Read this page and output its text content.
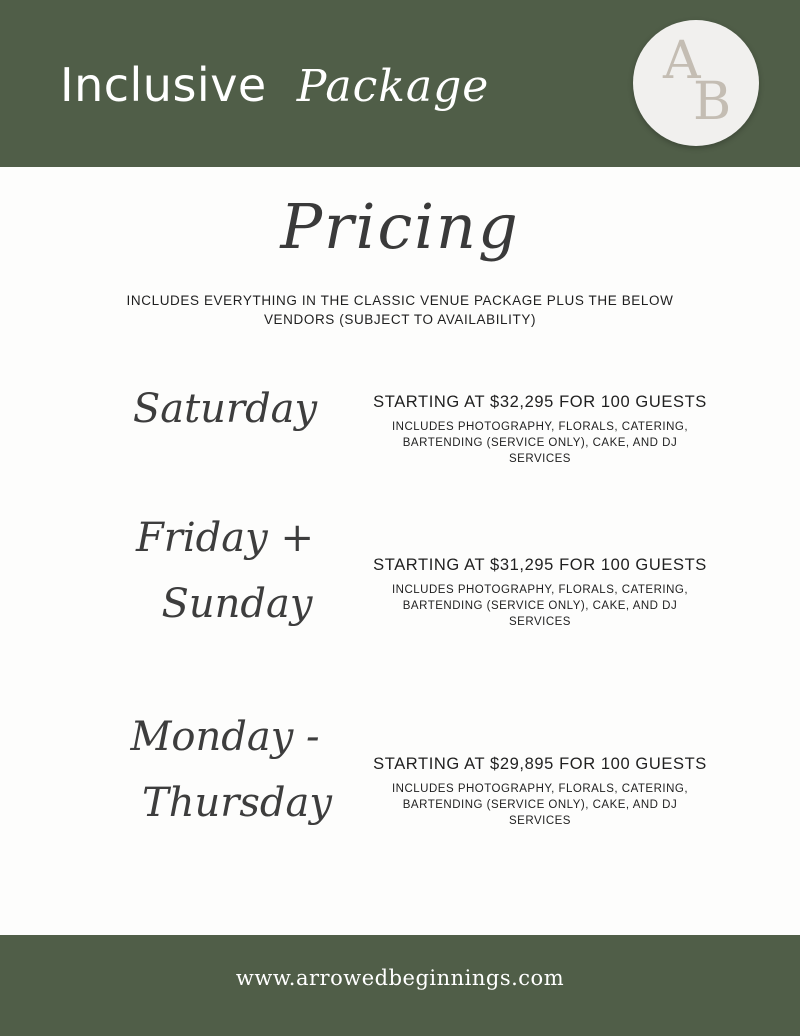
Inclusive Package	A
B
Pricing
INCLUDES EVERYTHING IN THE CLASSIC VENUE PACKAGE PLUS THE BELOW VENDORS (SUBJECT TO AVAILABILITY)
Saturday	STARTING AT $32,295 FOR 100 GUESTS
INCLUDES PHOTOGRAPHY, FLORALS, CATERING, BARTENDING (SERVICE ONLY), CAKE, AND DJ SERVICES
Friday +
Sunday
STARTING AT $31,295 FOR 100 GUESTS
INCLUDES PHOTOGRAPHY, FLORALS, CATERING, BARTENDING (SERVICE ONLY), CAKE, AND DJ SERVICES
Monday -
Thursday
STARTING AT $29,895 FOR 100 GUESTS
INCLUDES PHOTOGRAPHY, FLORALS, CATERING, BARTENDING (SERVICE ONLY), CAKE, AND DJ SERVICES
www.arrowedbeginnings.com
